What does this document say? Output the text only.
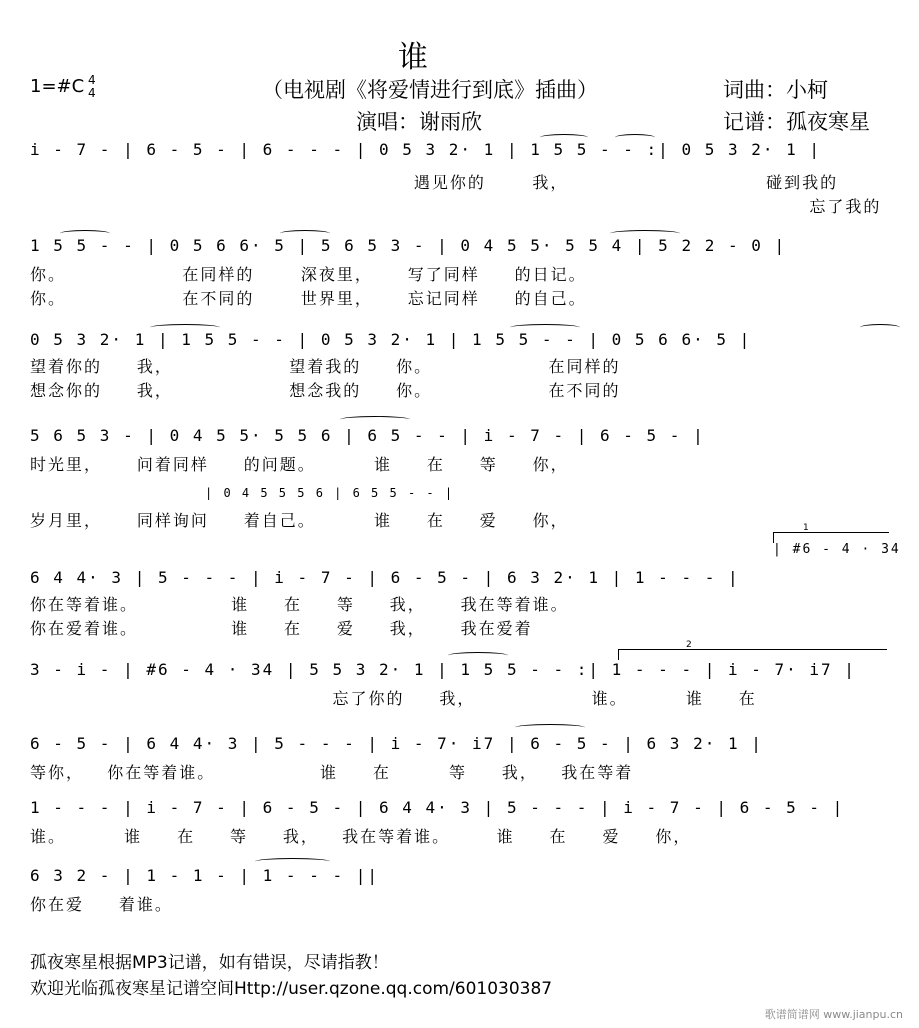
谁
1=#C 4
4	（电视剧《将爱情进行到底》插曲）	词曲：小柯
演唱：谢雨欣	记谱：孤夜寒星
i - 7 - | 6 - 5 - | 6 - - - | 0 5 3 2· 1 | 1 5 5 - - :| 0 5 3 2· 1 |
遇见你的    我，                 碰到我的
忘了我的
1 5 5 - - | 0 5 6 6· 5 | 5 6 5 3 - | 0 4 5 5· 5 5 4 | 5 2 2 - 0 |
你。          在同样的    深夜里，   写了同样   的日记。
你。          在不同的    世界里，   忘记同样   的自己。
0 5 3 2· 1 | 1 5 5 - - | 0 5 3 2· 1 | 1 5 5 - - | 0 5 6 6· 5 |
望着你的   我，          望着我的   你。          在同样的
想念你的   我，          想念我的   你。          在不同的
5 6 5 3 - | 0 4 5 5· 5 5 6 | 6 5 - - | i - 7 - | 6 - 5 - |
时光里，   问着同样   的问题。     谁   在   等   你，
| 0 4 5 5 5 6 | 6 5 5 - - |
岁月里，   同样询问   着自己。     谁   在   爱   你，	1
| #6 - 4 · 34
6 4 4· 3 | 5 - - - | i - 7 - | 6 - 5 - | 6 3 2· 1 | 1 - - - |
你在等着谁。        谁   在   等   我，   我在等着谁。
你在爱着谁。        谁   在   爱   我，   我在爱着
2
3 - i - | #6 - 4 · 34 | 5 5 3 2· 1 | 1 5 5 - - :| 1 - - - | i - 7· i7 |
忘了你的   我，          谁。     谁   在
6 - 5 - | 6 4 4· 3 | 5 - - - | i - 7· i7 | 6 - 5 - | 6 3 2· 1 |
等你，  你在等着谁。         谁   在     等   我，  我在等着
1 - - - | i - 7 - | 6 - 5 - | 6 4 4· 3 | 5 - - - | i - 7 - | 6 - 5 - |
谁。     谁   在   等   我，  我在等着谁。    谁   在   爱   你，
6 3 2 - | 1 - 1 - | 1 - - - ||
你在爱   着谁。
孤夜寒星根据MP3记谱，如有错误，尽请指教！
欢迎光临孤夜寒星记谱空间Http://user.qzone.qq.com/601030387
歌谱简谱网 www.jianpu.cn
